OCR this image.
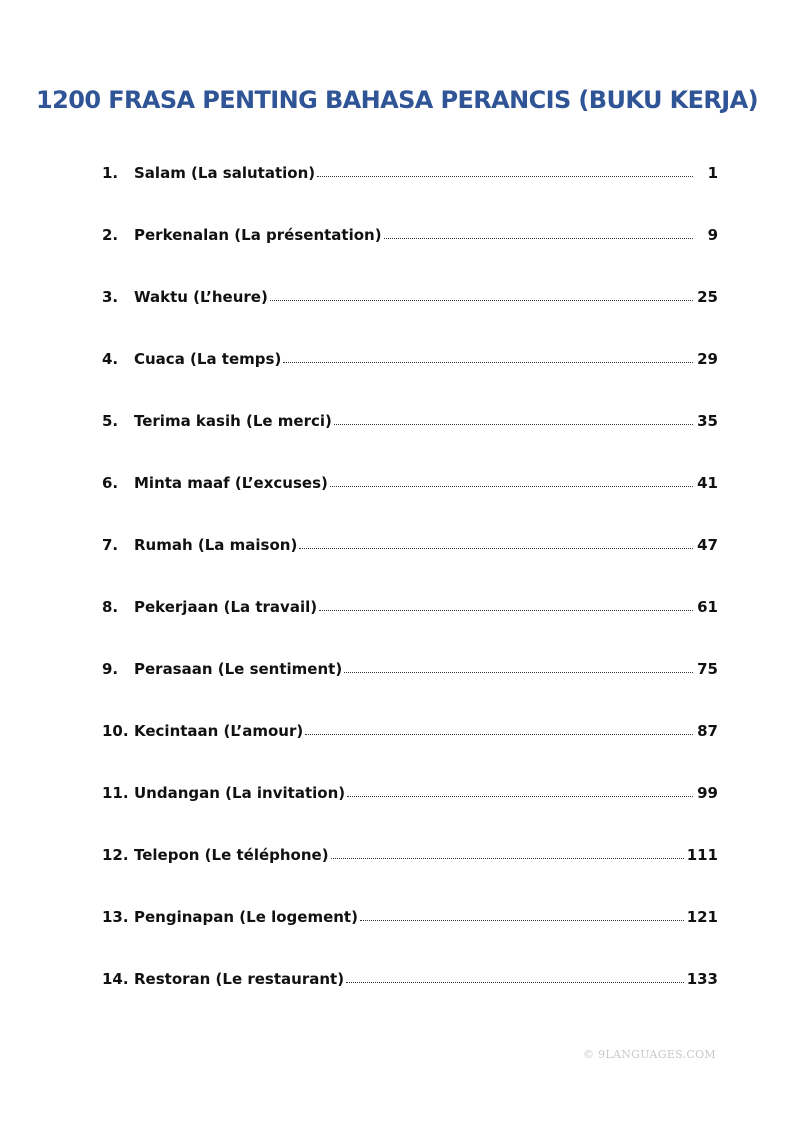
1200 FRASA PENTING BAHASA PERANCIS (BUKU KERJA)
1.	Salam (La salutation)	1
2.	Perkenalan (La présentation)	9
3.	Waktu (L’heure)	25
4.	Cuaca (La temps)	29
5.	Terima kasih (Le merci)	35
6.	Minta maaf (L’excuses)	41
7.	Rumah (La maison)	47
8.	Pekerjaan (La travail)	61
9.	Perasaan (Le sentiment)	75
10. Kecintaan (L’amour)	87
11. Undangan (La invitation)	99
12. Telepon (Le téléphone)	111
13. Penginapan (Le logement)	121
14. Restoran (Le restaurant)	133
© 9LANGUAGES.COM
